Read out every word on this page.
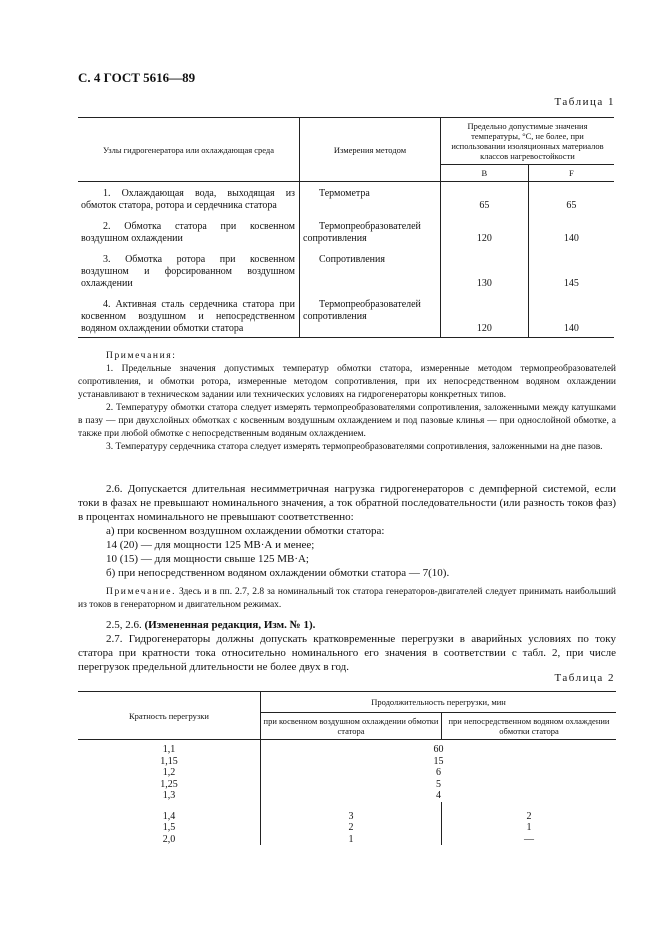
С. 4 ГОСТ 5616—89
Таблица 1
Узлы гидрогенератора или охлаждающая среда	Измерения методом	Предельно допустимые значения температуры, °С, не более, при использовании изоляционных материалов классов нагревостойкости	
		В	F
1. Охлаждающая вода, выходящая из обмоток статора, ротора и сердечника статора	Термометра	65	65
2. Обмотка статора при косвенном воздушном охлаждении	Термопреобразователей сопротивления	120	140
3. Обмотка ротора при косвенном воздушном и форсированном воздушном охлаждении	Сопротивления	130	145
4. Активная сталь сердечника статора при косвенном воздушном и непосредственном водяном охлаждении обмотки статора	Термопреобразователей сопротивления	120	140

Примечания:

1. Предельные значения допустимых температур обмотки статора, измеренные методом термопреобразователей сопротивления, и обмотки ротора, измеренные методом сопротивления, при их непосредственном водяном охлаждении устанавливают в техническом задании или технических условиях на гидрогенераторы конкретных типов.

2. Температуру обмотки статора следует измерять термопреобразователями сопротивления, заложенными между катушками в пазу — при двухслойных обмотках с косвенным воздушным охлаждением и под пазовые клинья — при однослойной обмотке, а также при любой обмотке с непосредственным водяным охлаждением.

3. Температуру сердечника статора следует измерять термопреобразователями сопротивления, заложенными на дне пазов.

2.6. Допускается длительная несимметричная нагрузка гидрогенераторов с демпферной системой, если токи в фазах не превышают номинального значения, а ток обратной последовательности (или разность токов фаз) в процентах номинального не превышают соответственно:

а) при косвенном воздушном охлаждении обмотки статора:

14 (20) — для мощности 125 МВ·А и менее;

10 (15) — для мощности свыше 125 МВ·А;

б) при непосредственном водяном охлаждении обмотки статора — 7(10).

Примечание. Здесь и в пп. 2.7, 2.8 за номинальный ток статора генераторов-двигателей следует принимать наибольший из токов в генераторном и двигательном режимах.

2.5, 2.6. (Измененная редакция, Изм. № 1).

2.7. Гидрогенераторы должны допускать кратковременные перегрузки в аварийных условиях по току статора при кратности тока относительно номинального его значения в соответствии с табл. 2, при числе перегрузок предельной длительности не более двух в год.

Таблица 2
Кратность перегрузки	Продолжительность перегрузки, мин	
	при косвенном воздушном охлаждении обмотки статора	при непосредственном водяном охлаждении обмотки статора
1,1	60	
1,15	15	
1,2	6	
1,25	5	
1,3	4	
1,4	3	2
1,5	2	1
2,0	1	—
